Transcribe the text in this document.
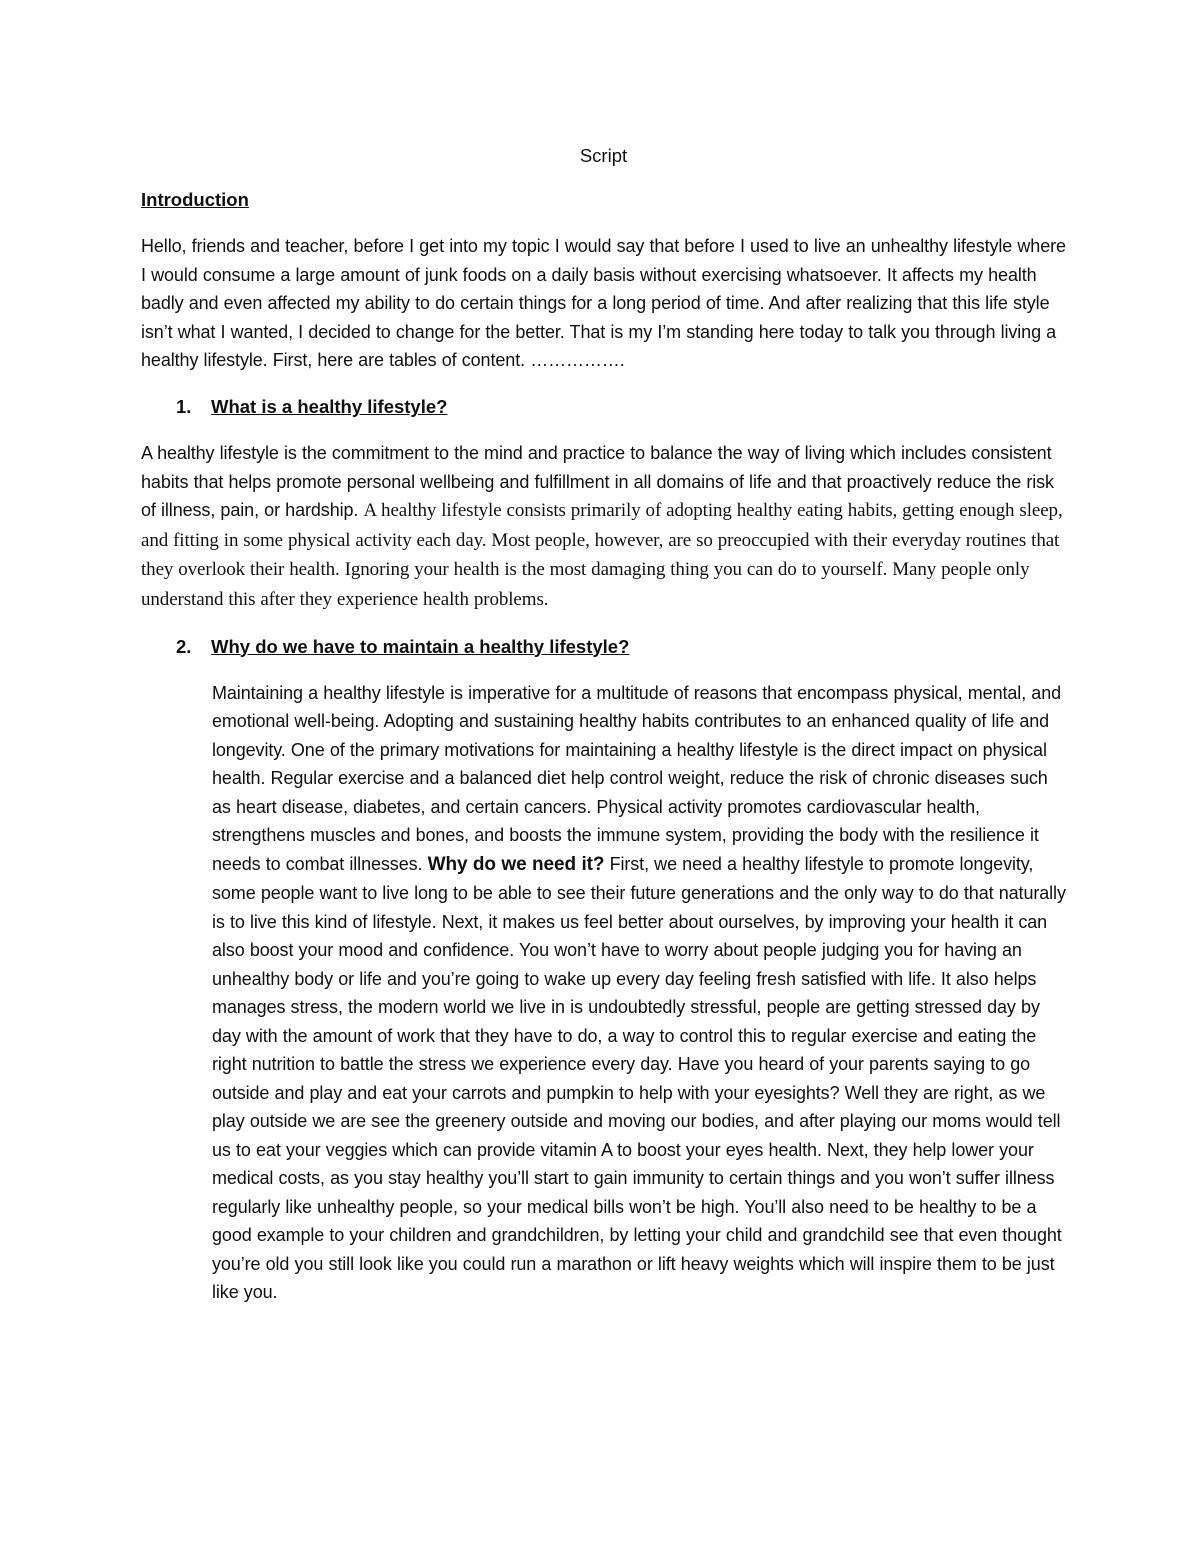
Script
Introduction

Hello, friends and teacher, before I get into my topic I would say that before I used to live an unhealthy lifestyle where I would consume a large amount of junk foods on a daily basis without exercising whatsoever. It affects my health badly and even affected my ability to do certain things for a long period of time. And after realizing that this life style isn’t what I wanted, I decided to change for the better. That is my I’m standing here today to talk you through living a healthy lifestyle. First, here are tables of content. …………….

1.	What is a healthy lifestyle?

A healthy lifestyle is the commitment to the mind and practice to balance the way of living which includes consistent habits that helps promote personal wellbeing and fulfillment in all domains of life and that proactively reduce the risk of illness, pain, or hardship. A healthy lifestyle consists primarily of adopting healthy eating habits, getting enough sleep, and fitting in some physical activity each day. Most people, however, are so preoccupied with their everyday routines that they overlook their health. Ignoring your health is the most damaging thing you can do to yourself. Many people only understand this after they experience health problems.

2.	Why do we have to maintain a healthy lifestyle?

Maintaining a healthy lifestyle is imperative for a multitude of reasons that encompass physical, mental, and emotional well-being. Adopting and sustaining healthy habits contributes to an enhanced quality of life and longevity. One of the primary motivations for maintaining a healthy lifestyle is the direct impact on physical health. Regular exercise and a balanced diet help control weight, reduce the risk of chronic diseases such as heart disease, diabetes, and certain cancers. Physical activity promotes cardiovascular health, strengthens muscles and bones, and boosts the immune system, providing the body with the resilience it needs to combat illnesses. Why do we need it? First, we need a healthy lifestyle to promote longevity, some people want to live long to be able to see their future generations and the only way to do that naturally is to live this kind of lifestyle. Next, it makes us feel better about ourselves, by improving your health it can also boost your mood and confidence. You won’t have to worry about people judging you for having an unhealthy body or life and you’re going to wake up every day feeling fresh satisfied with life. It also helps manages stress, the modern world we live in is undoubtedly stressful, people are getting stressed day by day with the amount of work that they have to do, a way to control this to regular exercise and eating the right nutrition to battle the stress we experience every day. Have you heard of your parents saying to go outside and play and eat your carrots and pumpkin to help with your eyesights? Well they are right, as we play outside we are see the greenery outside and moving our bodies, and after playing our moms would tell us to eat your veggies which can provide vitamin A to boost your eyes health. Next, they help lower your medical costs, as you stay healthy you’ll start to gain immunity to certain things and you won’t suffer illness regularly like unhealthy people, so your medical bills won’t be high. You’ll also need to be healthy to be a good example to your children and grandchildren, by letting your child and grandchild see that even thought you’re old you still look like you could run a marathon or lift heavy weights which will inspire them to be just like you.
